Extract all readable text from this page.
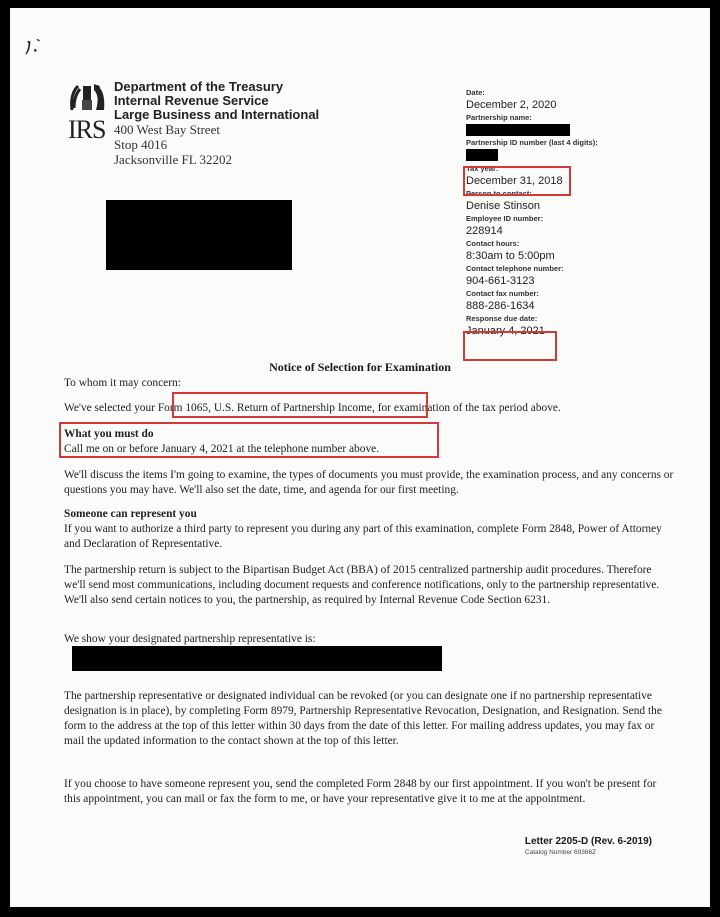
ﾉ.ˋ
IRS
Department of the Treasury
Internal Revenue Service
Large Business and International
400 West Bay Street
Stop 4016
Jacksonville FL 32202
Date:
December 2, 2020
Partnership name:
Partnership ID number (last 4 digits):
Tax year:
December 31, 2018
Person to contact:
Denise Stinson
Employee ID number:
228914
Contact hours:
8:30am to 5:00pm
Contact telephone number:
904-661-3123
Contact fax number:
888-286-1634
Response due date:
January 4, 2021
Notice of Selection for Examination
To whom it may concern:
We've selected your Form 1065, U.S. Return of Partnership Income, for examination of the tax period above.
What you must do
Call me on or before January 4, 2021 at the telephone number above.
We'll discuss the items I'm going to examine, the types of documents you must provide, the examination process, and any concerns or questions you may have. We'll also set the date, time, and agenda for our first meeting.
Someone can represent you
If you want to authorize a third party to represent you during any part of this examination, complete Form 2848, Power of Attorney and Declaration of Representative.
The partnership return is subject to the Bipartisan Budget Act (BBA) of 2015 centralized partnership audit procedures. Therefore we'll send most communications, including document requests and conference notifications, only to the partnership representative. We'll also send certain notices to you, the partnership, as required by Internal Revenue Code Section 6231.
We show your designated partnership representative is:
The partnership representative or designated individual can be revoked (or you can designate one if no partnership representative designation is in place), by completing Form 8979, Partnership Representative Revocation, Designation, and Resignation. Send the form to the address at the top of this letter within 30 days from the date of this letter. For mailing address updates, you may fax or mail the updated information to the contact shown at the top of this letter.
If you choose to have someone represent you, send the completed Form 2848 by our first appointment. If you won't be present for this appointment, you can mail or fax the form to me, or have your representative give it to me at the appointment.
Letter 2205-D (Rev. 6-2019)
Catalog Number 69366Z
